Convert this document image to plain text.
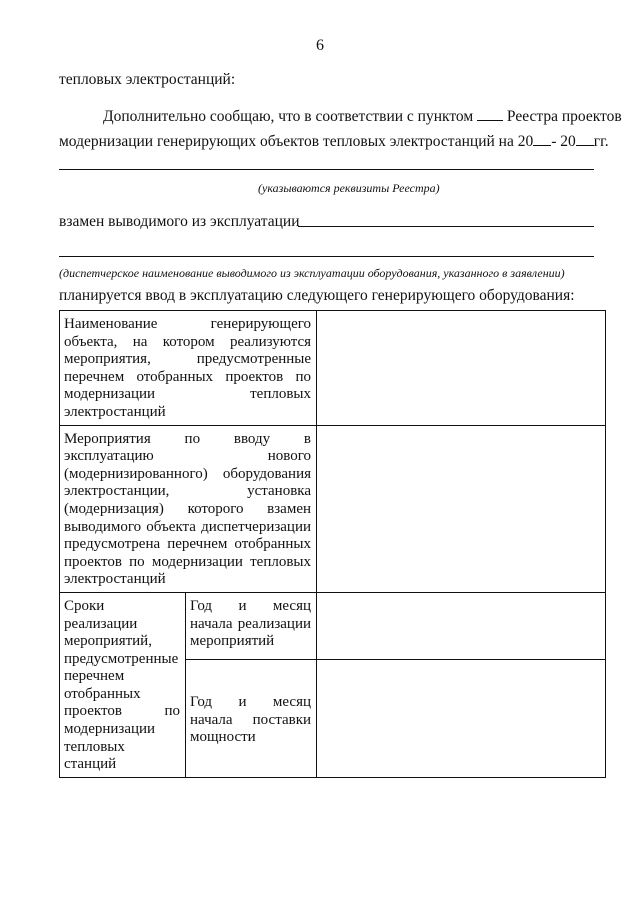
6
тепловых электростанций:
Дополнительно сообщаю, что в соответствии с пунктом Реестра проектов
модернизации генерирующих объектов тепловых электростанций на 20 - 20 гг.
(указываются реквизиты Реестра)
взамен выводимого из эксплуатации
(диспетчерское наименование выводимого из эксплуатации оборудования, указанного в заявлении)
планируется ввод в эксплуатацию следующего генерирующего оборудования:
Наименование генерирующего объекта, на котором реализуются мероприятия, предусмотренные перечнем отобранных проектов по модернизации тепловых электростанций		
Мероприятия по вводу в эксплуатацию нового (модернизированного) оборудования электростанции, установка (модернизация) которого взамен выводимого объекта диспетчеризации предусмотрена перечнем отобранных проектов по модернизации тепловых электростанций		
Сроки реализации мероприятий, предусмотренные перечнем отобранных проектов по модернизации тепловых станций	Год и месяц начала реализации мероприятий	
	Год и месяц начала поставки мощности	
